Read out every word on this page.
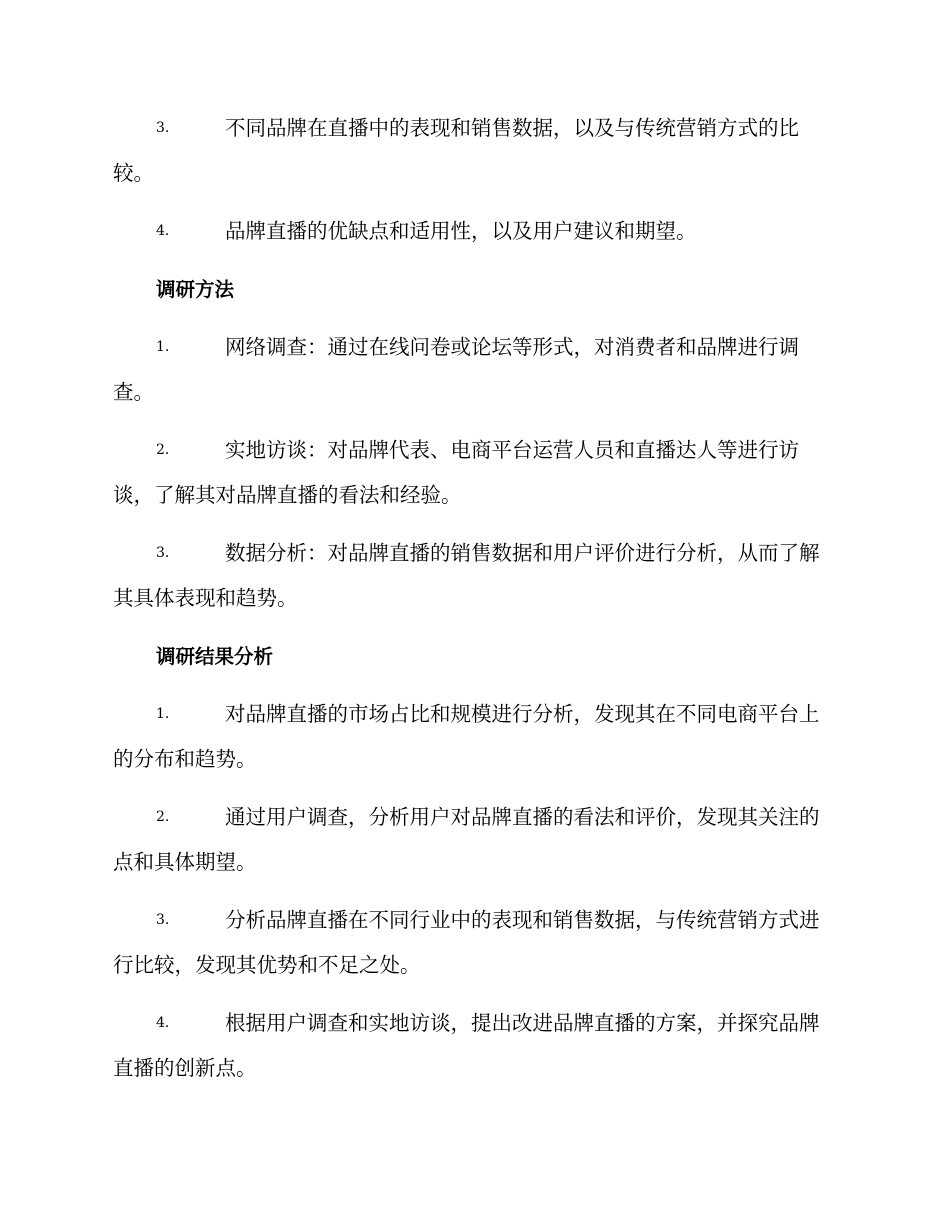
3.	不同品牌在直播中的表现和销售数据，以及与传统营销方式的比较。
4.	品牌直播的优缺点和适用性，以及用户建议和期望。
调研方法
1.	网络调查：通过在线问卷或论坛等形式，对消费者和品牌进行调查。
2.	实地访谈：对品牌代表、电商平台运营人员和直播达人等进行访谈，了解其对品牌直播的看法和经验。
3.	数据分析：对品牌直播的销售数据和用户评价进行分析，从而了解其具体表现和趋势。
调研结果分析
1.	对品牌直播的市场占比和规模进行分析，发现其在不同电商平台上的分布和趋势。
2.	通过用户调查，分析用户对品牌直播的看法和评价，发现其关注的点和具体期望。
3.	分析品牌直播在不同行业中的表现和销售数据，与传统营销方式进行比较，发现其优势和不足之处。
4.	根据用户调查和实地访谈，提出改进品牌直播的方案，并探究品牌直播的创新点。
